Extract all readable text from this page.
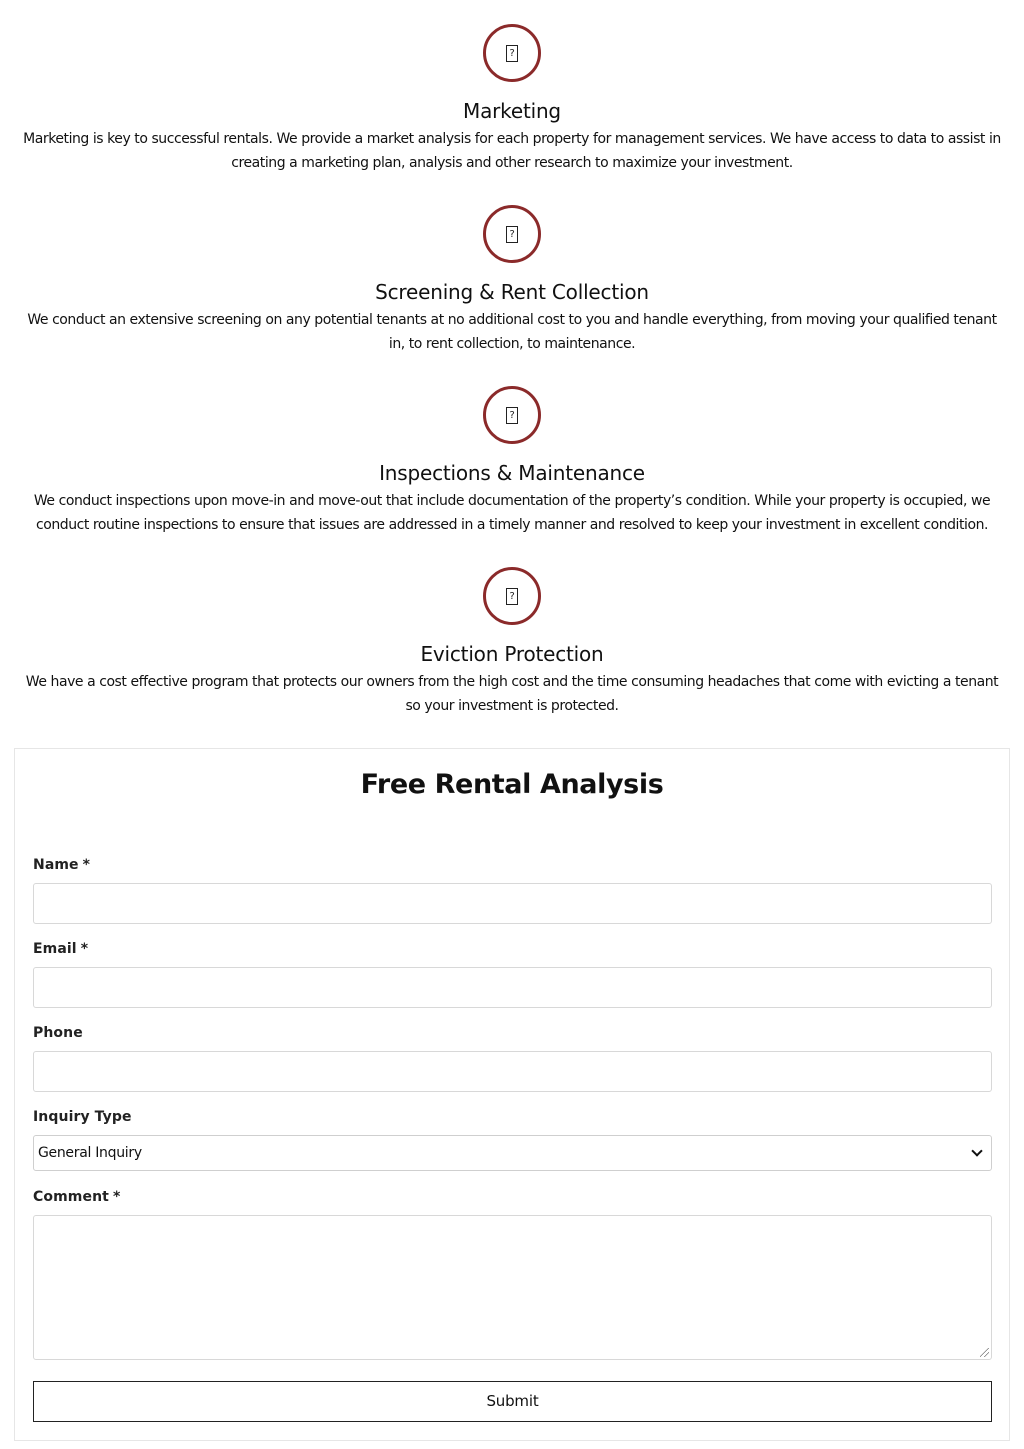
?
Marketing

Marketing is key to successful rentals. We provide a market analysis for each property for management services. We have access to data to assist in creating a marketing plan, analysis and other research to maximize your investment.

?
Screening & Rent Collection

We conduct an extensive screening on any potential tenants at no additional cost to you and handle everything, from moving your qualified tenant in, to rent collection, to maintenance.

?
Inspections & Maintenance

We conduct inspections upon move-in and move-out that include documentation of the property’s condition. While your property is occupied, we conduct routine inspections to ensure that issues are addressed in a timely manner and resolved to keep your investment in excellent condition.

?
Eviction Protection

We have a cost effective program that protects our owners from the high cost and the time consuming headaches that come with evicting a tenant so your investment is protected.

Free Rental Analysis
Name *
Email *
Phone
Inquiry Type
General Inquiry
Comment *
Submit
